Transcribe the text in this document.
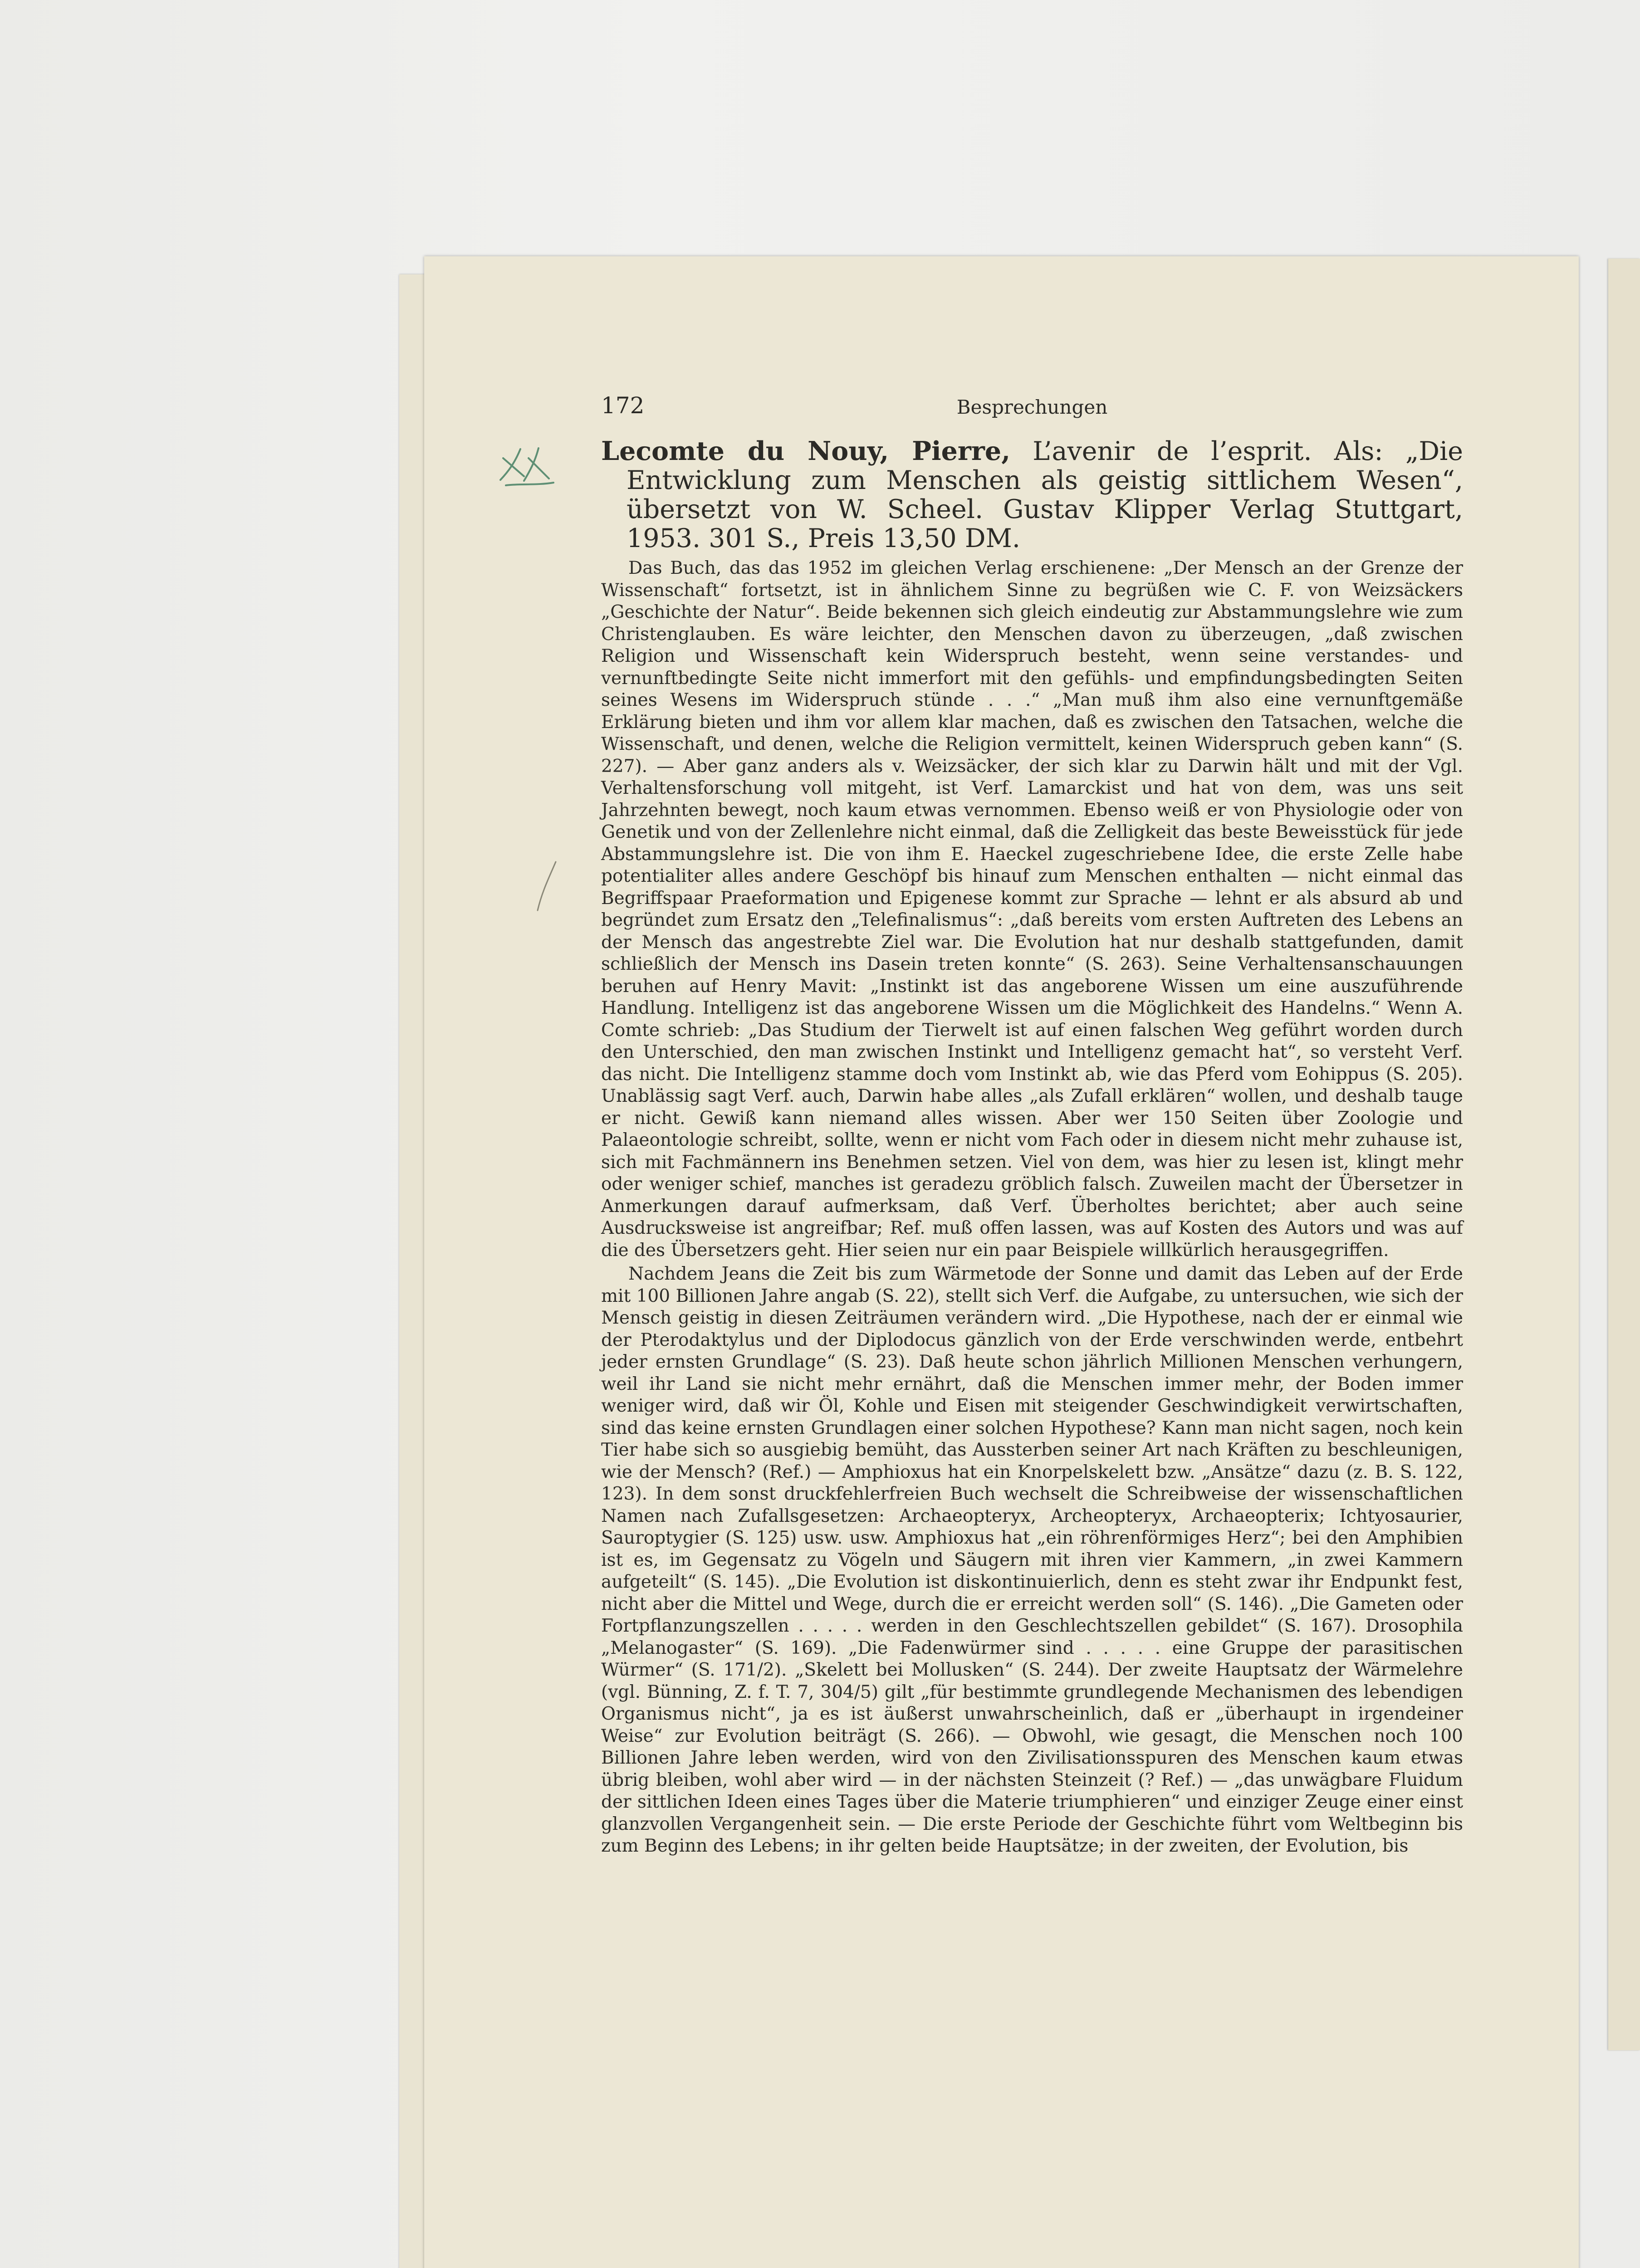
172	Besprechungen
Lecomte du Nouy, Pierre, L’avenir de l’esprit. Als: „Die Entwicklung zum Menschen als geistig sittlichem Wesen“, übersetzt von W. Scheel. Gustav Klipper Verlag Stuttgart, 1953. 301 S., Preis 13,50 DM.

Das Buch, das das 1952 im gleichen Verlag erschienene: „Der Mensch an der Grenze der Wissenschaft“ fortsetzt, ist in ähnlichem Sinne zu begrüßen wie C. F. von Weizsäckers „Geschichte der Natur“. Beide bekennen sich gleich eindeutig zur Abstammungslehre wie zum Christenglauben. Es wäre leichter, den Menschen davon zu überzeugen, „daß zwischen Religion und Wissenschaft kein Widerspruch besteht, wenn seine verstandes- und vernunftbedingte Seite nicht immerfort mit den gefühls- und empfindungsbedingten Seiten seines Wesens im Widerspruch stünde . . .“ „Man muß ihm also eine vernunftgemäße Erklärung bieten und ihm vor allem klar machen, daß es zwischen den Tatsachen, welche die Wissenschaft, und denen, welche die Religion vermittelt, keinen Widerspruch geben kann“ (S. 227). — Aber ganz anders als v. Weizsäcker, der sich klar zu Darwin hält und mit der Vgl. Verhaltensforschung voll mitgeht, ist Verf. Lamarckist und hat von dem, was uns seit Jahrzehnten bewegt, noch kaum etwas vernommen. Ebenso weiß er von Physiologie oder von Genetik und von der Zellenlehre nicht einmal, daß die Zelligkeit das beste Beweisstück für jede Abstammungslehre ist. Die von ihm E. Haeckel zugeschriebene Idee, die erste Zelle habe potentialiter alles andere Geschöpf bis hinauf zum Menschen enthalten — nicht einmal das Begriffspaar Praeformation und Epigenese kommt zur Sprache — lehnt er als absurd ab und begründet zum Ersatz den „Telefinalismus“: „daß bereits vom ersten Auftreten des Lebens an der Mensch das angestrebte Ziel war. Die Evolution hat nur deshalb stattgefunden, damit schließlich der Mensch ins Dasein treten konnte“ (S. 263). Seine Verhaltensanschauungen beruhen auf Henry Mavit: „Instinkt ist das angeborene Wissen um eine auszuführende Handlung. Intelligenz ist das angeborene Wissen um die Möglichkeit des Handelns.“ Wenn A. Comte schrieb: „Das Studium der Tierwelt ist auf einen falschen Weg geführt worden durch den Unterschied, den man zwischen Instinkt und Intelligenz gemacht hat“, so versteht Verf. das nicht. Die Intelligenz stamme doch vom Instinkt ab, wie das Pferd vom Eohippus (S. 205). Unablässig sagt Verf. auch, Darwin habe alles „als Zufall erklären“ wollen, und deshalb tauge er nicht. Gewiß kann niemand alles wissen. Aber wer 150 Seiten über Zoologie und Palaeontologie schreibt, sollte, wenn er nicht vom Fach oder in diesem nicht mehr zuhause ist, sich mit Fachmännern ins Benehmen setzen. Viel von dem, was hier zu lesen ist, klingt mehr oder weniger schief, manches ist geradezu gröblich falsch. Zuweilen macht der Übersetzer in Anmerkungen darauf aufmerksam, daß Verf. Überholtes berichtet; aber auch seine Ausdrucksweise ist angreifbar; Ref. muß offen lassen, was auf Kosten des Autors und was auf die des Übersetzers geht. Hier seien nur ein paar Beispiele willkürlich herausgegriffen.

Nachdem Jeans die Zeit bis zum Wärmetode der Sonne und damit das Leben auf der Erde mit 100 Billionen Jahre angab (S. 22), stellt sich Verf. die Aufgabe, zu untersuchen, wie sich der Mensch geistig in diesen Zeiträumen verändern wird. „Die Hypothese, nach der er einmal wie der Pterodaktylus und der Diplodocus gänzlich von der Erde verschwinden werde, entbehrt jeder ernsten Grundlage“ (S. 23). Daß heute schon jährlich Millionen Menschen verhungern, weil ihr Land sie nicht mehr ernährt, daß die Menschen immer mehr, der Boden immer weniger wird, daß wir Öl, Kohle und Eisen mit steigender Geschwindigkeit verwirtschaften, sind das keine ernsten Grundlagen einer solchen Hypothese? Kann man nicht sagen, noch kein Tier habe sich so ausgiebig bemüht, das Aussterben seiner Art nach Kräften zu beschleunigen, wie der Mensch? (Ref.) — Amphioxus hat ein Knorpelskelett bzw. „Ansätze“ dazu (z. B. S. 122, 123). In dem sonst druckfehlerfreien Buch wechselt die Schreibweise der wissenschaftlichen Namen nach Zufallsgesetzen: Archaeopteryx, Archeopteryx, Archaeopterix; Ichtyosaurier, Sauroptygier (S. 125) usw. usw. Amphioxus hat „ein röhrenförmiges Herz“; bei den Amphibien ist es, im Gegensatz zu Vögeln und Säugern mit ihren vier Kammern, „in zwei Kammern aufgeteilt“ (S. 145). „Die Evolution ist diskontinuierlich, denn es steht zwar ihr Endpunkt fest, nicht aber die Mittel und Wege, durch die er erreicht werden soll“ (S. 146). „Die Gameten oder Fortpflanzungszellen . . . . . werden in den Geschlechtszellen gebildet“ (S. 167). Drosophila „Melanogaster“ (S. 169). „Die Fadenwürmer sind . . . . . eine Gruppe der parasitischen Würmer“ (S. 171/2). „Skelett bei Mollusken“ (S. 244). Der zweite Hauptsatz der Wärmelehre (vgl. Bünning, Z. f. T. 7, 304/5) gilt „für bestimmte grundlegende Mechanismen des lebendigen Organismus nicht“, ja es ist äußerst unwahrscheinlich, daß er „überhaupt in irgendeiner Weise“ zur Evolution beiträgt (S. 266). — Obwohl, wie gesagt, die Menschen noch 100 Billionen Jahre leben werden, wird von den Zivilisationsspuren des Menschen kaum etwas übrig bleiben, wohl aber wird — in der nächsten Steinzeit (? Ref.) — „das unwägbare Fluidum der sittlichen Ideen eines Tages über die Materie triumphieren“ und einziger Zeuge einer einst glanzvollen Vergangenheit sein. — Die erste Periode der Geschichte führt vom Weltbeginn bis zum Beginn des Lebens; in ihr gelten beide Hauptsätze; in der zweiten, der Evolution, bis
